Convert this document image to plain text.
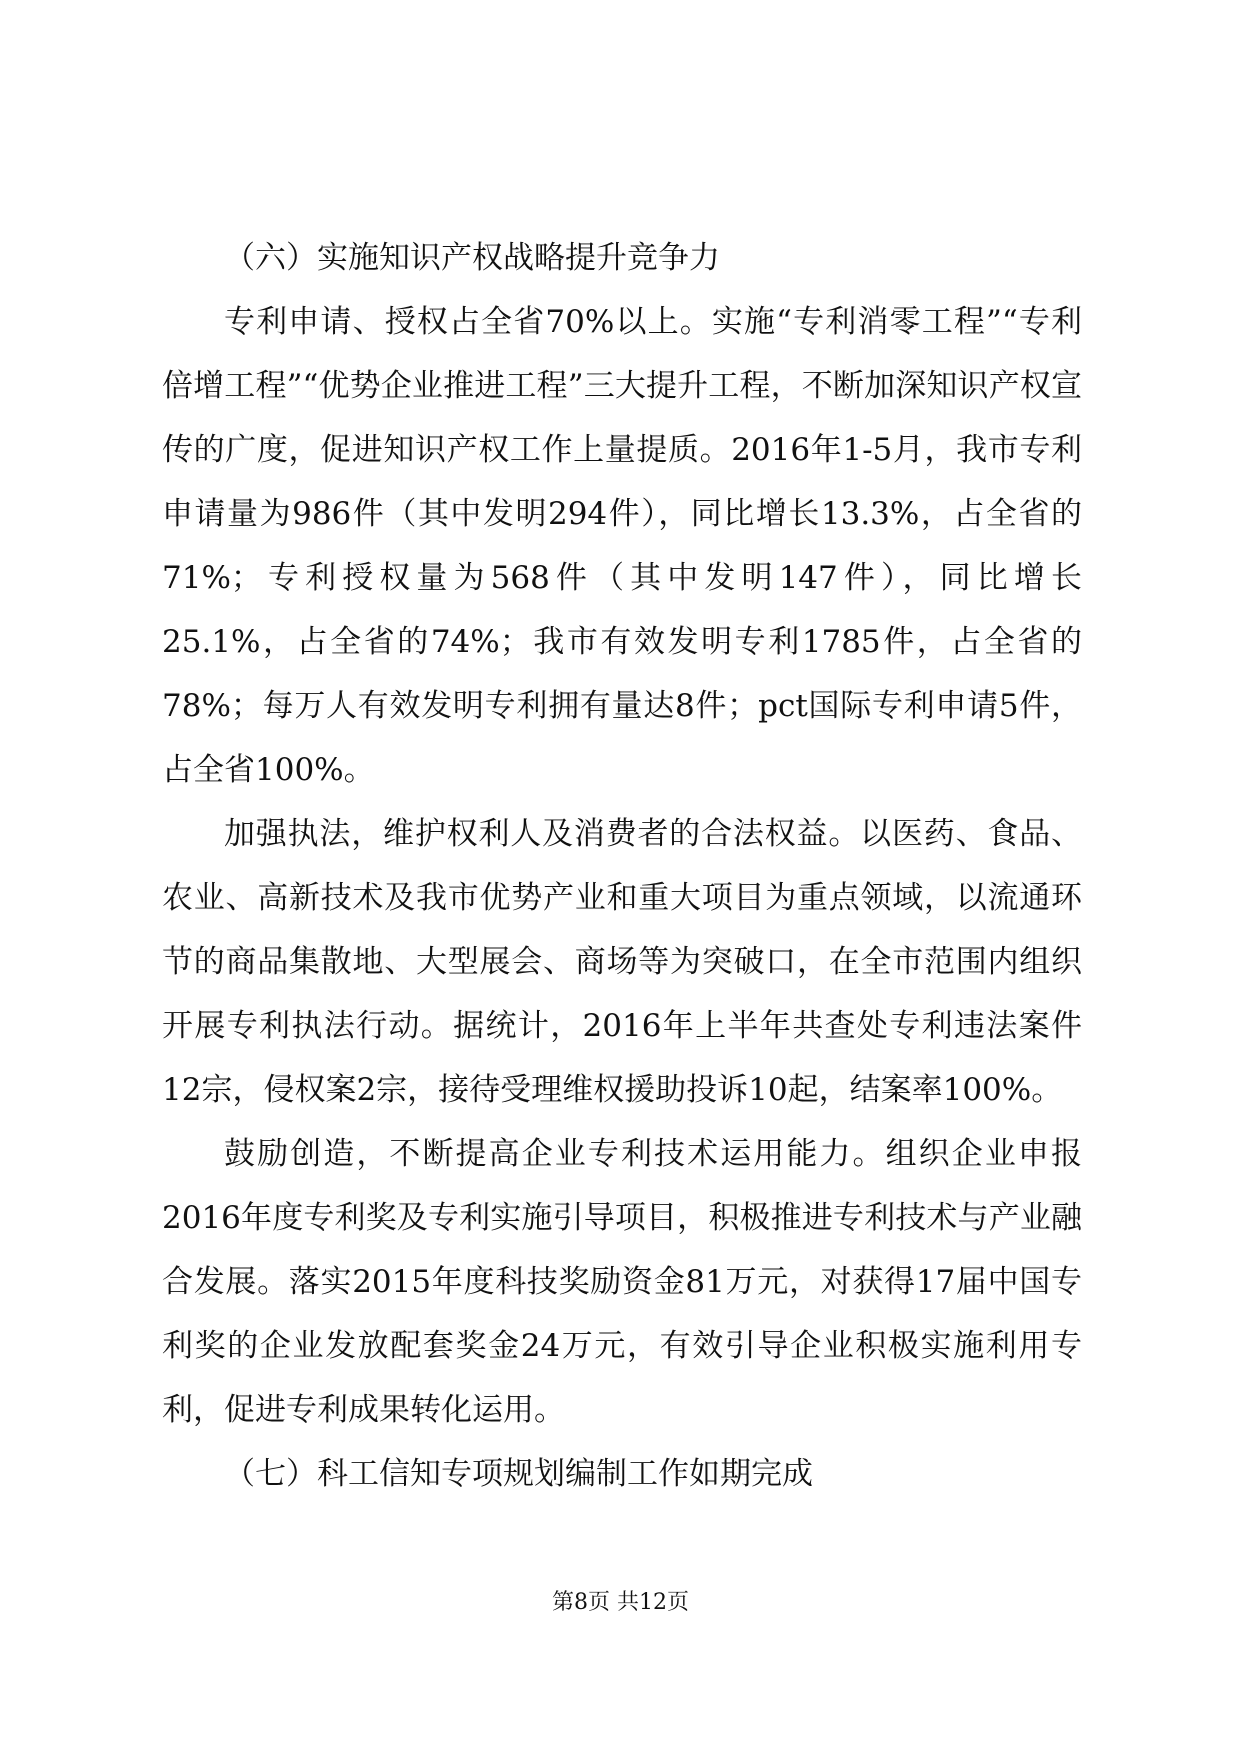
（六）实施知识产权战略提升竞争力

专利申请、授权占全省70%以上。实施“专利消零工程”“专利倍增工程”“优势企业推进工程”三大提升工程，不断加深知识产权宣传的广度，促进知识产权工作上量提质。2016年1-5月，我市专利申请量为986件（其中发明294件），同比增长13.3%，占全省的71%；专利授权量为568件（其中发明147件），同比增长25.1%，占全省的74%；我市有效发明专利1785件，占全省的78%；每万人有效发明专利拥有量达8件；pct国际专利申请5件，占全省100%。

加强执法，维护权利人及消费者的合法权益。以医药、食品、农业、高新技术及我市优势产业和重大项目为重点领域，以流通环节的商品集散地、大型展会、商场等为突破口，在全市范围内组织开展专利执法行动。据统计，2016年上半年共查处专利违法案件12宗，侵权案2宗，接待受理维权援助投诉10起，结案率100%。

鼓励创造，不断提高企业专利技术运用能力。组织企业申报2016年度专利奖及专利实施引导项目，积极推进专利技术与产业融合发展。落实2015年度科技奖励资金81万元，对获得17届中国专利奖的企业发放配套奖金24万元，有效引导企业积极实施利用专利，促进专利成果转化运用。

（七）科工信知专项规划编制工作如期完成

第8页 共12页
